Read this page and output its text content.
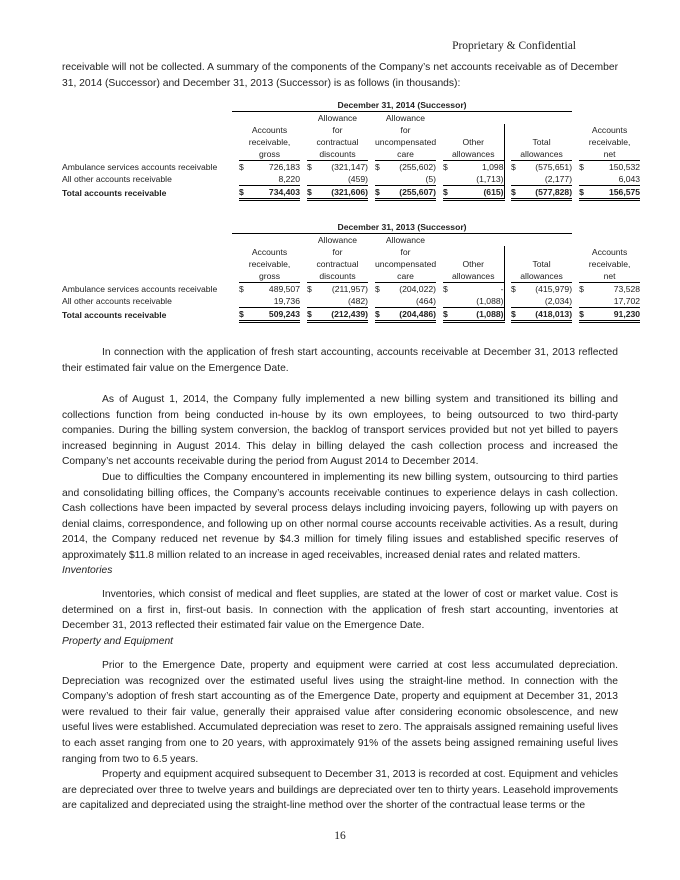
Proprietary & Confidential

receivable will not be collected. A summary of the components of the Company’s net accounts receivable as of December 31, 2014 (Successor) and December 31, 2013 (Successor) is as follows (in thousands):

	December 31, 2014 (Successor)																	
					Allowance			Allowance										
		Accounts			for			for									Accounts	
		receivable,			contractual			uncompensated			Other			Total			receivable,	
		gross			discounts			care			allowances			allowances			net	
Ambulance services accounts receivable		$	726,183		$	(321,147)		$	(255,602)		$	1,098		$	(575,651)		$	150,532
All other accounts receivable			8,220			(459)			(5)			(1,713)			(2,177)			6,043
Total accounts receivable		$	734,403		$	(321,606)		$	(255,607)		$	(615)		$	(577,828)		$	156,575
	December 31, 2013 (Successor)																	
					Allowance			Allowance										
		Accounts			for			for									Accounts	
		receivable,			contractual			uncompensated			Other			Total			receivable,	
		gross			discounts			care			allowances			allowances			net	
Ambulance services accounts receivable		$	489,507		$	(211,957)		$	(204,022)		$	-		$	(415,979)		$	73,528
All other accounts receivable			19,736			(482)			(464)			(1,088)			(2,034)			17,702
Total accounts receivable		$	509,243		$	(212,439)		$	(204,486)		$	(1,088)		$	(418,013)		$	91,230

In connection with the application of fresh start accounting, accounts receivable at December 31, 2013 reflected their estimated fair value on the Emergence Date.

As of August 1, 2014, the Company fully implemented a new billing system and transitioned its billing and collections function from being conducted in-house by its own employees, to being outsourced to two third-party companies. During the billing system conversion, the backlog of transport services provided but not yet billed to payers increased beginning in August 2014. This delay in billing delayed the cash collection process and increased the Company’s net accounts receivable during the period from August 2014 to December 2014.

Due to difficulties the Company encountered in implementing its new billing system, outsourcing to third parties and consolidating billing offices, the Company’s accounts receivable continues to experience delays in cash collection. Cash collections have been impacted by several process delays including invoicing payers, following up with payers on denial claims, correspondence, and following up on other normal course accounts receivable activities. As a result, during 2014, the Company reduced net revenue by $4.3 million for timely filing issues and established specific reserves of approximately $11.8 million related to an increase in aged receivables, increased denial rates and related matters.

Inventories

Inventories, which consist of medical and fleet supplies, are stated at the lower of cost or market value. Cost is determined on a first in, first-out basis. In connection with the application of fresh start accounting, inventories at December 31, 2013 reflected their estimated fair value on the Emergence Date.

Property and Equipment

Prior to the Emergence Date, property and equipment were carried at cost less accumulated depreciation. Depreciation was recognized over the estimated useful lives using the straight-line method. In connection with the Company’s adoption of fresh start accounting as of the Emergence Date, property and equipment at December 31, 2013 were revalued to their fair value, generally their appraised value after considering economic obsolescence, and new useful lives were established. Accumulated depreciation was reset to zero. The appraisals assigned remaining useful lives to each asset ranging from one to 20 years, with approximately 91% of the assets being assigned remaining useful lives ranging from two to 6.5 years.

Property and equipment acquired subsequent to December 31, 2013 is recorded at cost. Equipment and vehicles are depreciated over three to twelve years and buildings are depreciated over ten to thirty years. Leasehold improvements are capitalized and depreciated using the straight-line method over the shorter of the contractual lease terms or the

16
